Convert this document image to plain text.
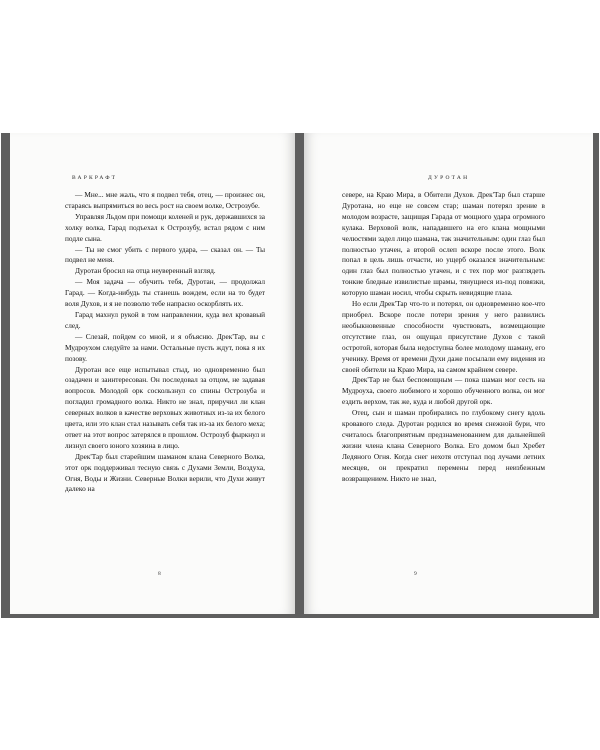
ВАРКРАФТ

— Мне... мне жаль, что я подвел тебя, отец, — произнес он, стараясь выпрямиться во весь рост на своем волке, Острозубе.

Управляя Льдом при помощи коленей и рук, державшихся за холку волка, Гарад подъехал к Острозубу, встал рядом с ним подле сына.

— Ты не смог убить с первого удара, — сказал он. — Ты подвел не меня.

Дуротан бросил на отца неуверенный взгляд.

— Моя задача — обучить тебя, Дуротан, — продолжал Гарад. — Когда-нибудь ты станешь вождем, если на то будет воля Духов, и я не позволю тебе напрасно оскорблять их.

Гарад махнул рукой в том направлении, куда вел кровавый след.

— Слезай, пойдем со мной, и я объясню. Дрек'Тар, вы с Мудроухом следуйте за нами. Остальные пусть ждут, пока я их позову.

Дуротан все еще испытывал стыд, но одновременно был озадачен и заинтересован. Он последовал за отцом, не задавая вопросов. Молодой орк соскользнул со спины Острозуба и погладил громадного волка. Никто не знал, приручил ли клан северных волков в качестве верховых животных из-за их белого цвета, или это клан стал называть себя так из-за их белого меха; ответ на этот вопрос затерялся в прошлом. Острозуб фыркнул и лизнул своего юного хозяина в лицо.

Дрек'Тар был старейшим шаманом клана Северного Волка, этот орк поддерживал тесную связь с Духами Земли, Воздуха, Огня, Воды и Жизни. Северные Волки верили, что Духи живут далеко на

8
ДУРОТАН

севере, на Краю Мира, в Обители Духов. Дрек'Тар был старше Дуротана, но еще не совсем стар; шаман потерял зрение в молодом возрасте, защищая Гарада от мощного удара огромного кулака. Верховой волк, нападавшего на его клана мощными челюстями задел лицо шамана, так значительным: один глаз был полностью утачен, а второй ослеп вскоре после этого. Волк попал в цель лишь отчасти, но ущерб оказался значительным: один глаз был полностью утачен, и с тех пор мог разглядеть тонкие бледные извилистые шрамы, тянущиеся из-под повязки, которую шаман носил, чтобы скрыть невидящие глаза.

Но если Дрек'Тар что-то и потерял, он одновременно кое-что приобрел. Вскоре после потери зрения у него развились необыкновенные способности чувствовать, возмещающие отсутствие глаз, он ощущал присутствие Духов с такой остротой, которая была недоступна более молодому шаману, его ученику. Время от времени Духи даже посылали ему видения из своей обители на Краю Мира, на самом крайнем севере.

Дрек'Тар не был беспомощным — пока шаман мог сесть на Мудроуха, своего любимого и хорошо обученного волка, он мог ездить верхом, так же, куда и любой другой орк.

Отец, сын и шаман пробирались по глубокому снегу вдоль кровавого следа. Дуротан родился во время снежной бури, что считалось благоприятным предзнаменованием для дальнейшей жизни члена клана Северного Волка. Его домом был Хребет Ледяного Огня. Когда снег нехотя отступал под лучами летних месяцев, он прекратил перемены перед неизбежным возвращением. Никто не знал,

9
